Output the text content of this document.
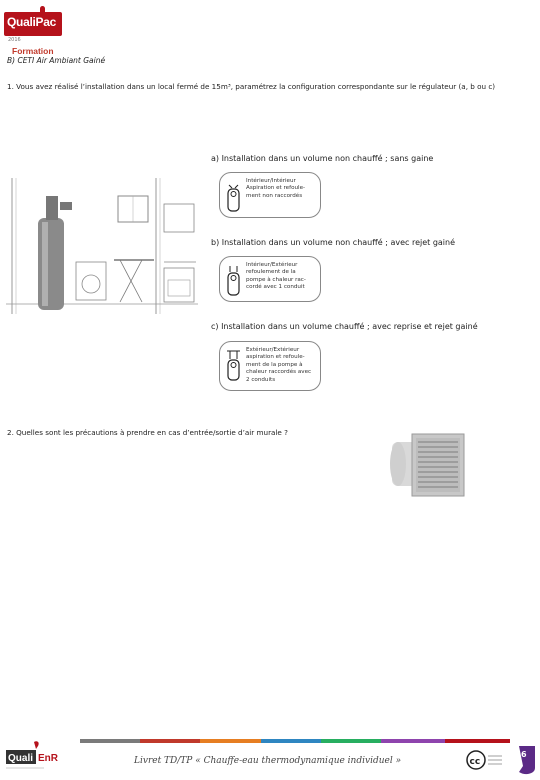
QualiPac
2016
Formation
B) CETI Air Ambiant Gainé
1. Vous avez réalisé l’installation dans un local fermé de 15m³, paramétrez la configuration correspondante sur le régulateur (a, b ou c)
a) Installation dans un volume non chauffé ; sans gaine
Intérieur/Intérieur
Aspiration et refoule-
ment non raccordés
b) Installation dans un volume non chauffé ; avec rejet gainé
Intérieur/Extérieur
refoulement de la
pompe à chaleur rac-
cordé avec 1 conduit
c) Installation dans un volume chauffé ; avec reprise et rejet gainé
Extérieur/Extérieur
aspiration et refoule-
ment de la pompe à
chaleur raccordés avec
2 conduits
2. Quelles sont les précautions à prendre en cas d’entrée/sortie d’air murale ?
Quali EnR	Livret TD/TP « Chauffe-eau thermodynamique individuel »	cc
6
